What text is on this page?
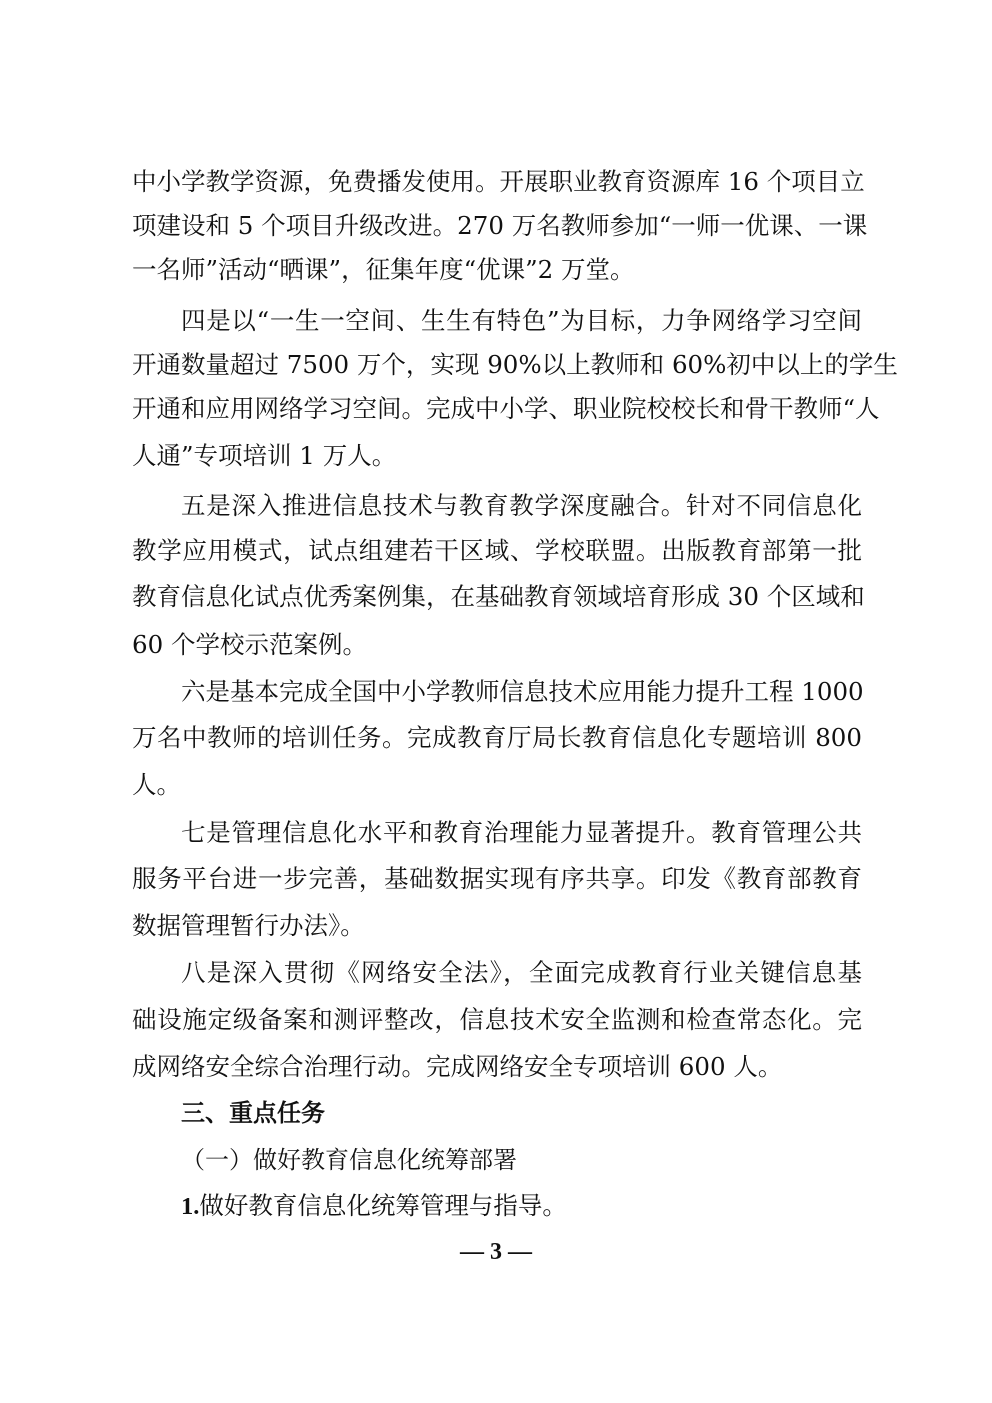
中小学教学资源，免费播发使用。开展职业教育资源库 16 个项目立
项建设和 5 个项目升级改进。270 万名教师参加“一师一优课、一课
一名师”活动“晒课”，征集年度“优课”2 万堂。
四是以“一生一空间、生生有特色”为目标，力争网络学习空间
开通数量超过 7500 万个，实现 90%以上教师和 60%初中以上的学生
开通和应用网络学习空间。完成中小学、职业院校校长和骨干教师“人
人通”专项培训 1 万人。
五是深入推进信息技术与教育教学深度融合。针对不同信息化
教学应用模式，试点组建若干区域、学校联盟。出版教育部第一批
教育信息化试点优秀案例集，在基础教育领域培育形成 30 个区域和
60 个学校示范案例。
六是基本完成全国中小学教师信息技术应用能力提升工程 1000
万名中教师的培训任务。完成教育厅局长教育信息化专题培训 800
人。
七是管理信息化水平和教育治理能力显著提升。教育管理公共
服务平台进一步完善，基础数据实现有序共享。印发《教育部教育
数据管理暂行办法》。
八是深入贯彻《网络安全法》，全面完成教育行业关键信息基
础设施定级备案和测评整改，信息技术安全监测和检查常态化。完
成网络安全综合治理行动。完成网络安全专项培训 600 人。
三、重点任务
（一）做好教育信息化统筹部署
1.做好教育信息化统筹管理与指导。
— 3 —
